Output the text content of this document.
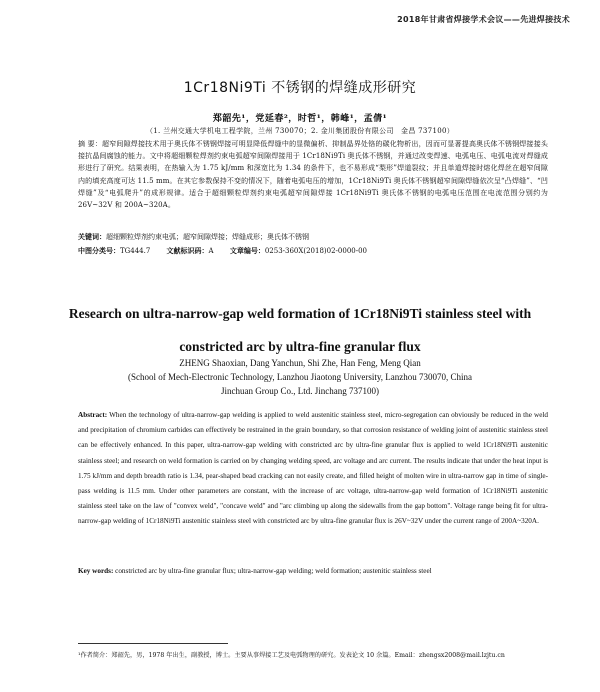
2018年甘肃省焊接学术会议——先进焊接技术
1Cr18Ni9Ti 不锈钢的焊缝成形研究
郑韶先¹，党延春²，时哲¹，韩峰¹，孟倩¹
（1. 兰州交通大学机电工程学院，兰州 730070；2. 金川集团股份有限公司　金昌 737100）
摘 要：超窄间隙焊接技术用于奥氏体不锈钢焊接可明显降低焊缝中的显微偏析、抑制晶界处铬的碳化物析出，因而可显著提高奥氏体不锈钢焊接接头接抗晶间腐蚀的能力。文中将超细颗粒焊剂约束电弧超窄间隙焊接用于 1Cr18Ni9Ti 奥氏体不锈钢，并通过改变焊速、电弧电压、电弧电流对焊缝成形进行了研究。结果表明，在热输入为 1.75 kJ/mm 和深宽比为 1.34 的条件下，也不易形成“梨形”焊道裂纹；并且单道焊接时熔化焊丝在超窄间隙内的填充高度可达 11.5 mm。在其它参数保持不变的情况下，随着电弧电压的增加，1Cr18Ni9Ti 奥氏体不锈钢超窄间隙焊缝依次呈“凸焊缝”、“凹焊缝”及“电弧爬升”的成形规律。适合于超细颗粒焊剂约束电弧超窄间隙焊接 1Cr18Ni9Ti 奥氏体不锈钢的电弧电压范围在电流范围分别约为 26V~32V 和 200A~320A。
关键词：超细颗粒焊剂约束电弧；超窄间隙焊接；焊缝成形；奥氏体不锈钢
中图分类号：TG444.7 文献标识码：A 文章编号：0253-360X(2018)02-0000-00
Research on ultra-narrow-gap weld formation of 1Cr18Ni9Ti stainless steel with
constricted arc by ultra-fine granular flux
ZHENG Shaoxian, Dang Yanchun, Shi Zhe, Han Feng, Meng Qian
(School of Mech-Electronic Technology, Lanzhou Jiaotong University, Lanzhou 730070, China
Jinchuan Group Co., Ltd. Jinchang 737100)
Abstract: When the technology of ultra-narrow-gap welding is applied to weld austenitic stainless steel, micro-segregation can obviously be reduced in the weld and precipitation of chromium carbides can effectively be restrained in the grain boundary, so that corrosion resistance of welding joint of austenitic stainless steel can be effectively enhanced. In this paper, ultra-narrow-gap welding with constricted arc by ultra-fine granular flux is applied to weld 1Cr18Ni9Ti austenitic stainless steel; and research on weld formation is carried on by changing welding speed, arc voltage and arc current. The results indicate that under the heat input is 1.75 kJ/mm and depth breadth ratio is 1.34, pear-shaped bead cracking can not easily create, and filled height of molten wire in ultra-narrow gap in time of single-pass welding is 11.5 mm. Under other parameters are constant, with the increase of arc voltage, ultra-narrow-gap weld formation of 1Cr18Ni9Ti austenitic stainless steel take on the law of "convex weld", "concave weld" and "arc climbing up along the sidewalls from the gap bottom". Voltage range being fit for ultra-narrow-gap welding of 1Cr18Ni9Ti austenitic stainless steel with constricted arc by ultra-fine granular flux is 26V~32V under the current range of 200A~320A.
Key words: constricted arc by ultra-fine granular flux; ultra-narrow-gap welding; weld formation; austenitic stainless steel
¹作者简介：郑韶先，男，1978 年出生，副教授，博士。主要从事焊接工艺及电弧物理的研究。发表论文 10 余篇。Email：zhengsx2008@mail.lzjtu.cn
